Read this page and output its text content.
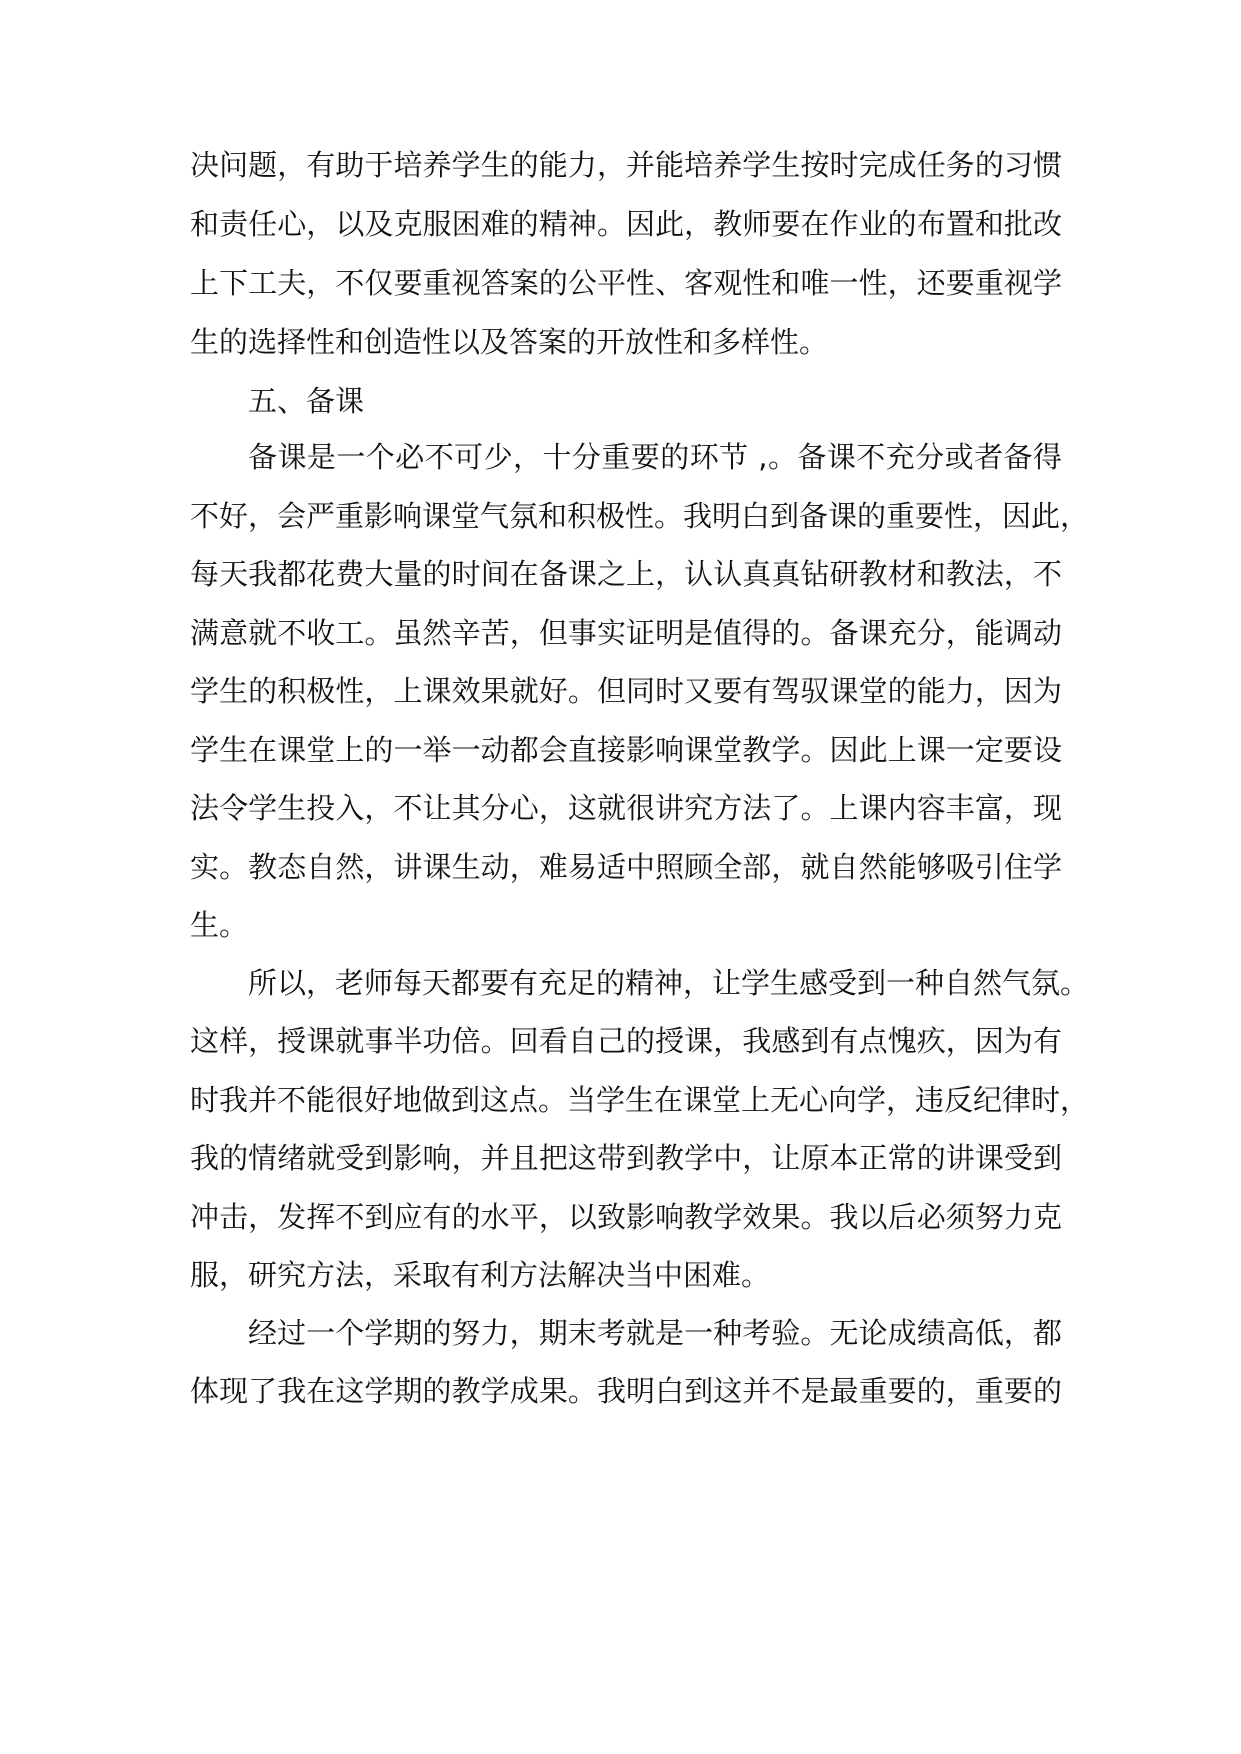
决问题，有助于培养学生的能力，并能培养学生按时完成任务的习惯
和责任心，以及克服困难的精神。因此，教师要在作业的布置和批改
上下工夫，不仅要重视答案的公平性、客观性和唯一性，还要重视学
生的选择性和创造性以及答案的开放性和多样性。
五、备课
备课是一个必不可少，十分重要的环节 ,。备课不充分或者备得
不好，会严重影响课堂气氛和积极性。我明白到备课的重要性，因此，
每天我都花费大量的时间在备课之上，认认真真钻研教材和教法，不
满意就不收工。虽然辛苦，但事实证明是值得的。备课充分，能调动
学生的积极性，上课效果就好。但同时又要有驾驭课堂的能力，因为
学生在课堂上的一举一动都会直接影响课堂教学。因此上课一定要设
法令学生投入，不让其分心，这就很讲究方法了。上课内容丰富，现
实。教态自然，讲课生动，难易适中照顾全部，就自然能够吸引住学
生。
所以，老师每天都要有充足的精神，让学生感受到一种自然气氛。
这样，授课就事半功倍。回看自己的授课，我感到有点愧疚，因为有
时我并不能很好地做到这点。当学生在课堂上无心向学，违反纪律时，
我的情绪就受到影响，并且把这带到教学中，让原本正常的讲课受到
冲击，发挥不到应有的水平，以致影响教学效果。我以后必须努力克
服，研究方法，采取有利方法解决当中困难。
经过一个学期的努力，期末考就是一种考验。无论成绩高低，都
体现了我在这学期的教学成果。我明白到这并不是最重要的，重要的
